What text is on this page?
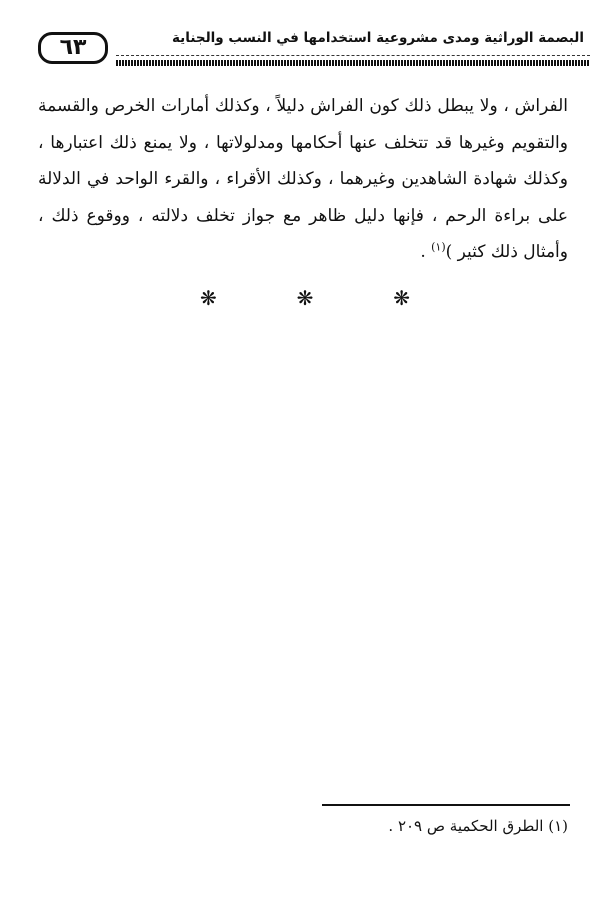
٦٣	البصمة الوراثية ومدى مشروعية استخدامها في النسب والجناية

الفراش ، ولا يبطل ذلك كون الفراش دليلاً ، وكذلك أمارات الخرص والقسمة والتقويم وغيرها قد تتخلف عنها أحكامها ومدلولاتها ، ولا يمنع ذلك اعتبارها ، وكذلك شهادة الشاهدين وغيرهما ، وكذلك الأقراء ، والقرء الواحد في الدلالة على براءة الرحم ، فإنها دليل ظاهر مع جواز تخلف دلالته ، ووقوع ذلك ، وأمثال ذلك كثير )$^{(١)}$ .

❋
❋
❋
(١) الطرق الحكمية ص ٢٠٩ .
